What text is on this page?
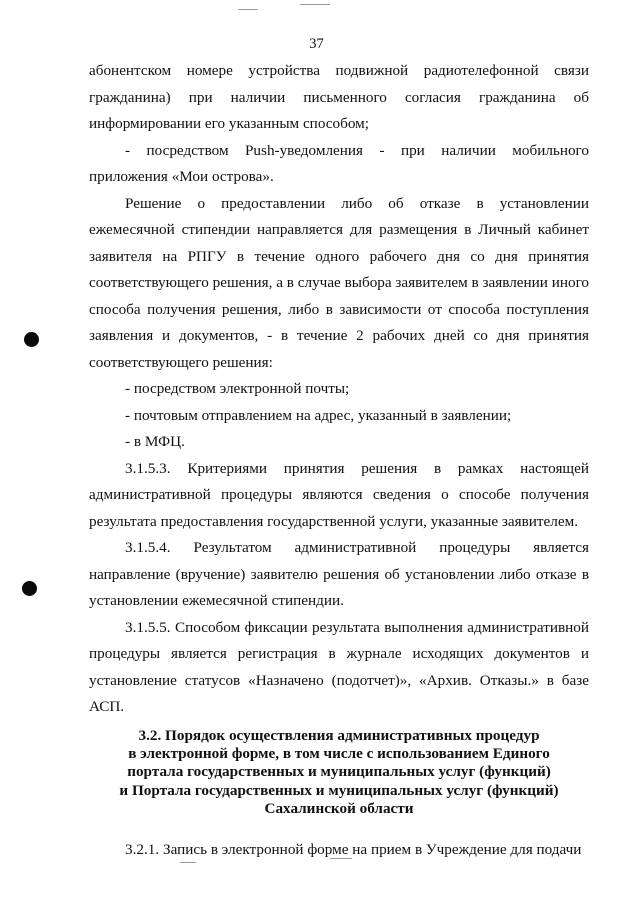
37

абонентском номере устройства подвижной радиотелефонной связи гражданина) при наличии письменного согласия гражданина об информировании его указанным способом;

- посредством Push-уведомления - при наличии мобильного приложения «Мои острова».

Решение о предоставлении либо об отказе в установлении ежемесячной стипендии направляется для размещения в Личный кабинет заявителя на РПГУ в течение одного рабочего дня со дня принятия соответствующего решения, а в случае выбора заявителем в заявлении иного способа получения решения, либо в зависимости от способа поступления заявления и документов, - в течение 2 рабочих дней со дня принятия соответствующего решения:

- посредством электронной почты;

- почтовым отправлением на адрес, указанный в заявлении;

- в МФЦ.

3.1.5.3. Критериями принятия решения в рамках настоящей административной процедуры являются сведения о способе получения результата предоставления государственной услуги, указанные заявителем.

3.1.5.4. Результатом административной процедуры является направление (вручение) заявителю решения об установлении либо отказе в установлении ежемесячной стипендии.

3.1.5.5. Способом фиксации результата выполнения административной процедуры является регистрация в журнале исходящих документов и установление статусов «Назначено (подотчет)», «Архив. Отказы.» в базе АСП.

3.2. Порядок осуществления административных процедур
в электронной форме, в том числе с использованием Единого
портала государственных и муниципальных услуг (функций)
и Портала государственных и муниципальных услуг (функций)
Сахалинской области

3.2.1. Запись в электронной форме на прием в Учреждение для подачи
